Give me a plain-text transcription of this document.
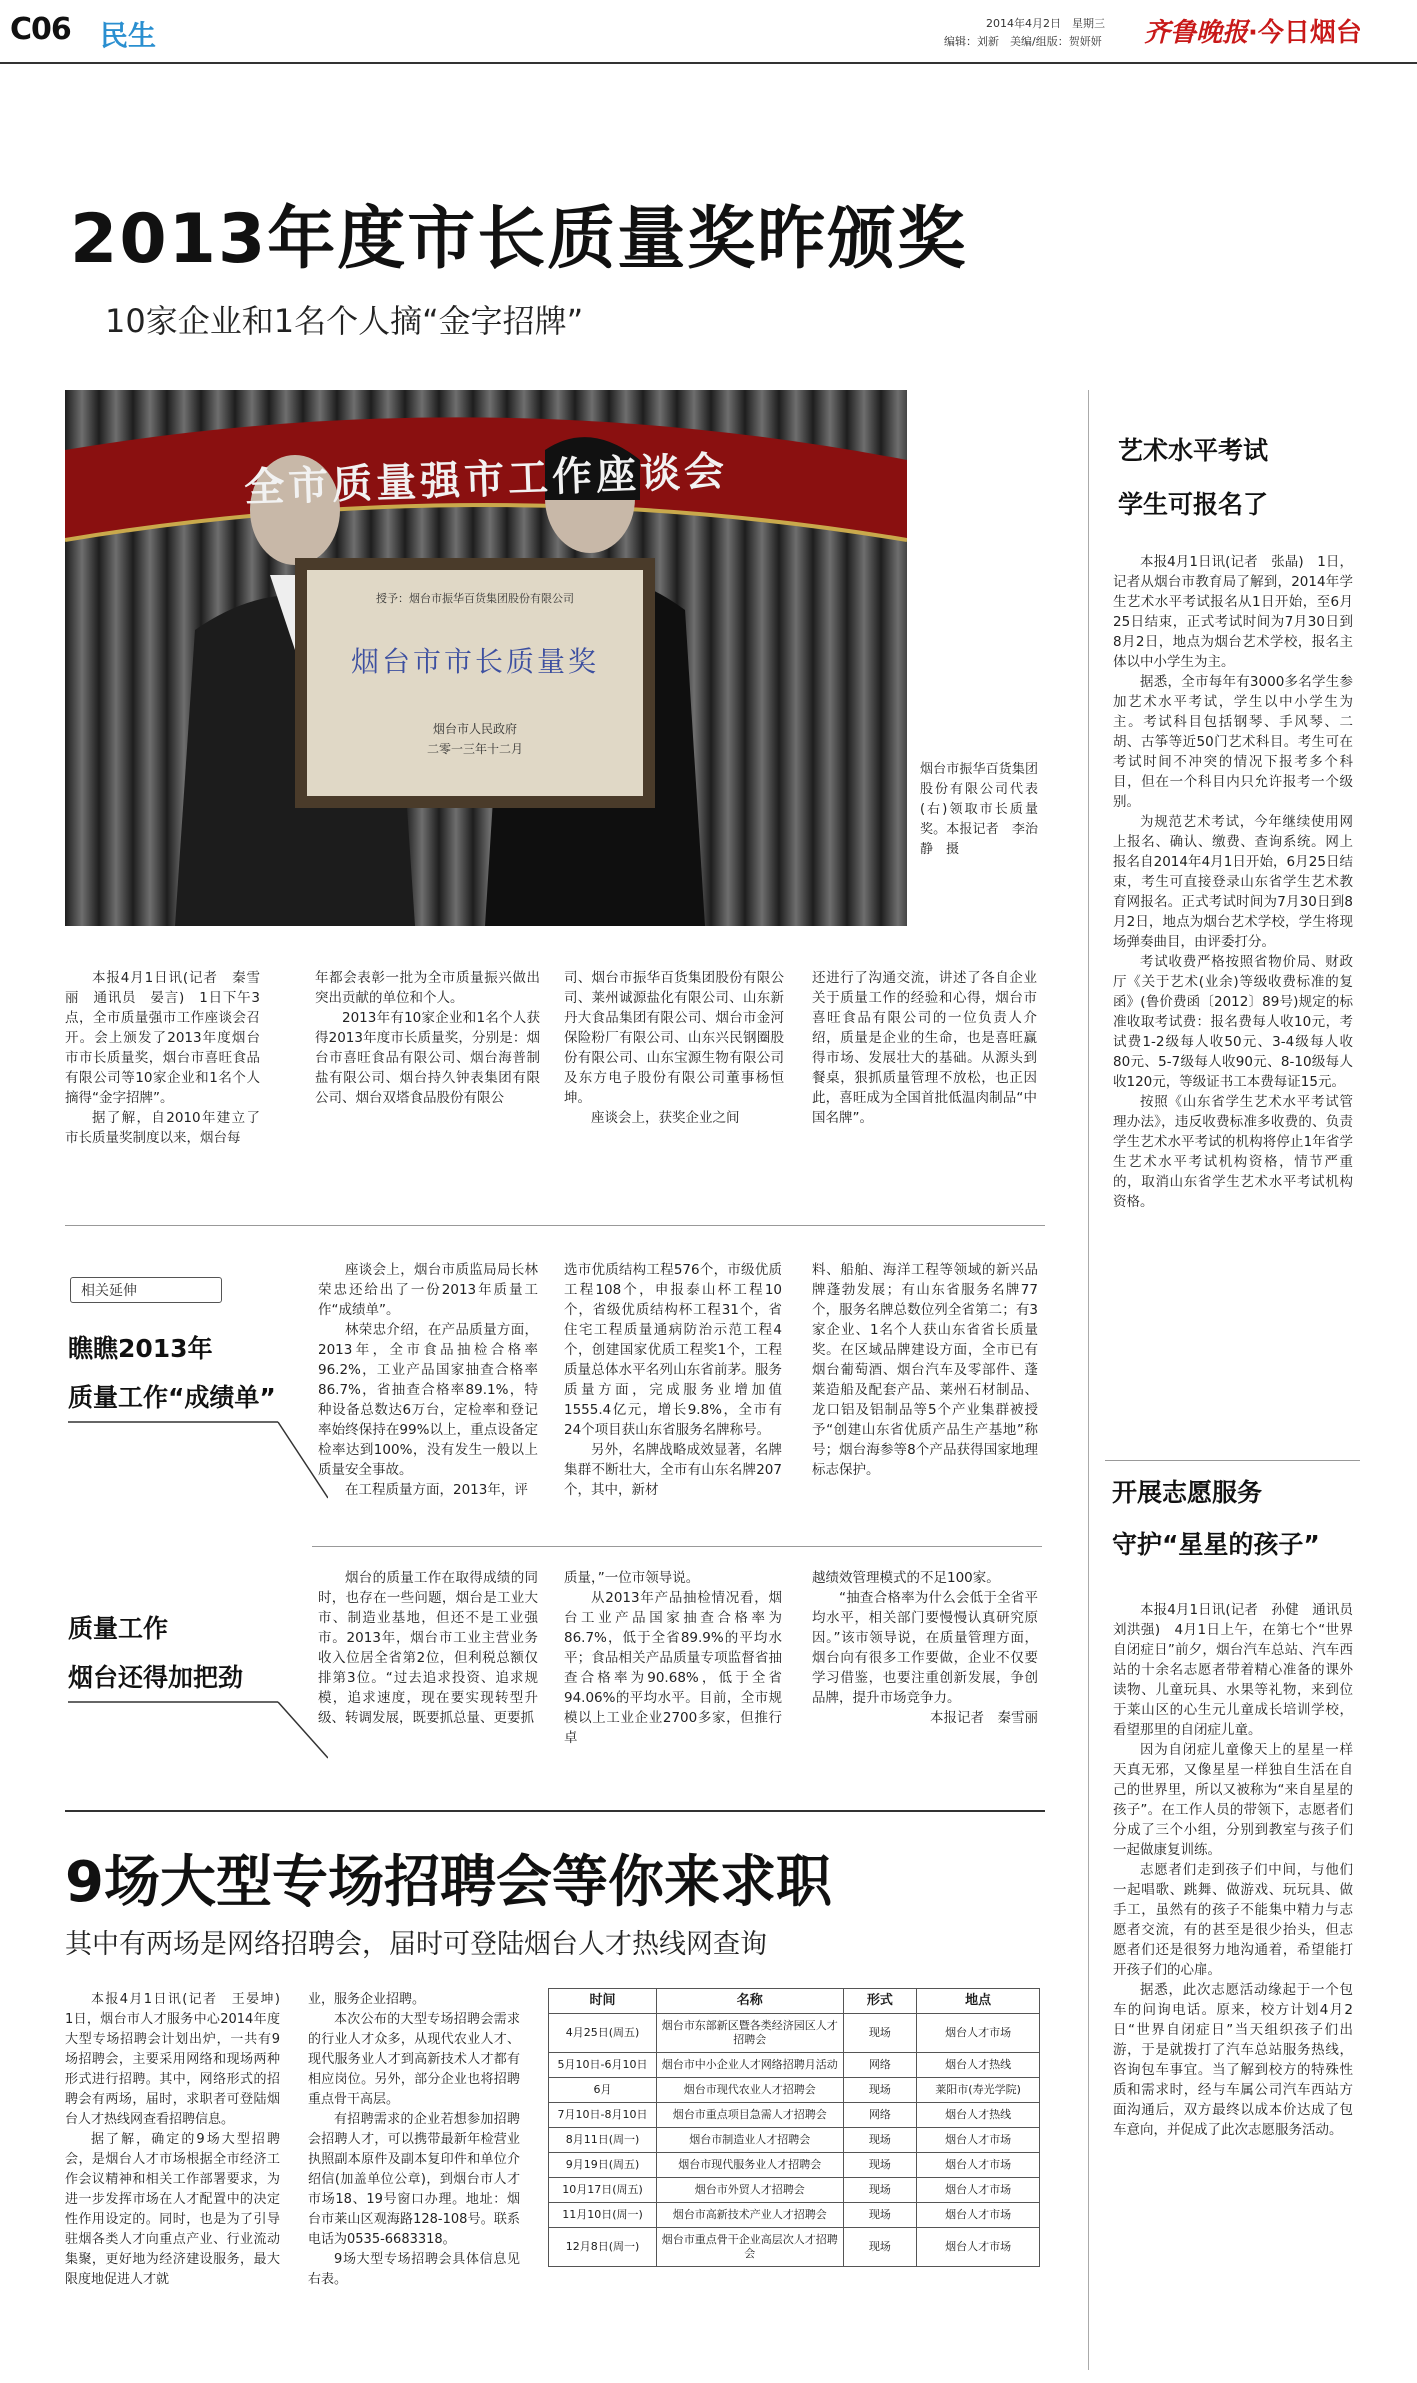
C06 民生	2014年4月2日　星期三
编辑：刘新　美编/组版：贺妍妍 齐鲁晚报·今日烟台
2013年度市长质量奖昨颁奖
10家企业和1名个人摘“金字招牌”
全市质量强市工作座谈会
授予：烟台市振华百货集团股份有限公司
烟台市市长质量奖
烟台市人民政府
二零一三年十二月
烟台市振华百货集团股份有限公司代表(右)领取市长质量奖。本报记者　李治静　摄

本报4月1日讯(记者　秦雪丽　通讯员　晏言)　1日下午3点，全市质量强市工作座谈会召开。会上颁发了2013年度烟台市市长质量奖，烟台市喜旺食品有限公司等10家企业和1名个人摘得“金字招牌”。

据了解，自2010年建立了市长质量奖制度以来，烟台每

年都会表彰一批为全市质量振兴做出突出贡献的单位和个人。

2013年有10家企业和1名个人获得2013年度市长质量奖，分别是：烟台市喜旺食品有限公司、烟台海普制盐有限公司、烟台持久钟表集团有限公司、烟台双塔食品股份有限公

司、烟台市振华百货集团股份有限公司、莱州诚源盐化有限公司、山东新丹大食品集团有限公司、烟台市金河保险粉厂有限公司、山东兴民钢圈股份有限公司、山东宝源生物有限公司及东方电子股份有限公司董事杨恒坤。

座谈会上，获奖企业之间

还进行了沟通交流，讲述了各自企业关于质量工作的经验和心得，烟台市喜旺食品有限公司的一位负责人介绍，质量是企业的生命，也是喜旺赢得市场、发展壮大的基础。从源头到餐桌，狠抓质量管理不放松，也正因此，喜旺成为全国首批低温肉制品“中国名牌”。

相关延伸
瞧瞧2013年
质量工作“成绩单”

座谈会上，烟台市质监局局长林荣忠还给出了一份2013年质量工作“成绩单”。

林荣忠介绍，在产品质量方面，2013年，全市食品抽检合格率96.2%，工业产品国家抽查合格率86.7%，省抽查合格率89.1%，特种设备总数达6万台，定检率和登记率始终保持在99%以上，重点设备定检率达到100%，没有发生一般以上质量安全事故。

在工程质量方面，2013年，评

选市优质结构工程576个，市级优质工程108个，申报泰山杯工程10个，省级优质结构杯工程31个，省住宅工程质量通病防治示范工程4个，创建国家优质工程奖1个，工程质量总体水平名列山东省前茅。服务质量方面，完成服务业增加值1555.4亿元，增长9.8%，全市有24个项目获山东省服务名牌称号。

另外，名牌战略成效显著，名牌集群不断壮大，全市有山东名牌207个，其中，新材

料、船舶、海洋工程等领域的新兴品牌蓬勃发展；有山东省服务名牌77个，服务名牌总数位列全省第二；有3家企业、1名个人获山东省省长质量奖。在区域品牌建设方面，全市已有烟台葡萄酒、烟台汽车及零部件、蓬莱造船及配套产品、莱州石材制品、龙口铝及铝制品等5个产业集群被授予“创建山东省优质产品生产基地”称号；烟台海参等8个产品获得国家地理标志保护。

质量工作
烟台还得加把劲

烟台的质量工作在取得成绩的同时，也存在一些问题，烟台是工业大市、制造业基地，但还不是工业强市。2013年，烟台市工业主营业务收入位居全省第2位，但利税总额仅排第3位。“过去追求投资、追求规模，追求速度，现在要实现转型升级、转调发展，既要抓总量、更要抓

质量，”一位市领导说。

从2013年产品抽检情况看，烟台工业产品国家抽查合格率为86.7%，低于全省89.9%的平均水平；食品相关产品质量专项监督省抽查合格率为90.68%，低于全省94.06%的平均水平。目前，全市规模以上工业企业2700多家，但推行卓

越绩效管理模式的不足100家。

“抽查合格率为什么会低于全省平均水平，相关部门要慢慢认真研究原因。”该市领导说，在质量管理方面，烟台向有很多工作要做，企业不仅要学习借鉴，也要注重创新发展，争创品牌，提升市场竞争力。

本报记者　秦雪丽

9场大型专场招聘会等你来求职
其中有两场是网络招聘会，届时可登陆烟台人才热线网查询

本报4月1日讯(记者　王晏坤)　1日，烟台市人才服务中心2014年度大型专场招聘会计划出炉，一共有9场招聘会，主要采用网络和现场两种形式进行招聘。其中，网络形式的招聘会有两场，届时，求职者可登陆烟台人才热线网查看招聘信息。

据了解，确定的9场大型招聘会，是烟台人才市场根据全市经济工作会议精神和相关工作部署要求，为进一步发挥市场在人才配置中的决定性作用设定的。同时，也是为了引导驻烟各类人才向重点产业、行业流动集聚，更好地为经济建设服务，最大限度地促进人才就

业，服务企业招聘。

本次公布的大型专场招聘会需求的行业人才众多，从现代农业人才、现代服务业人才到高新技术人才都有相应岗位。另外，部分企业也将招聘重点骨干高层。

有招聘需求的企业若想参加招聘会招聘人才，可以携带最新年检营业执照副本原件及副本复印件和单位介绍信(加盖单位公章)，到烟台市人才市场18、19号窗口办理。地址：烟台市莱山区观海路128-108号。联系电话为0535-6683318。

9场大型专场招聘会具体信息见右表。

时间	名称	形式	地点
4月25日(周五)	烟台市东部新区暨各类经济园区人才招聘会	现场	烟台人才市场
5月10日-6月10日	烟台市中小企业人才网络招聘月活动	网络	烟台人才热线
6月	烟台市现代农业人才招聘会	现场	莱阳市(寿光学院)
7月10日-8月10日	烟台市重点项目急需人才招聘会	网络	烟台人才热线
8月11日(周一)	烟台市制造业人才招聘会	现场	烟台人才市场
9月19日(周五)	烟台市现代服务业人才招聘会	现场	烟台人才市场
10月17日(周五)	烟台市外贸人才招聘会	现场	烟台人才市场
11月10日(周一)	烟台市高新技术产业人才招聘会	现场	烟台人才市场
12月8日(周一)	烟台市重点骨干企业高层次人才招聘会	现场	烟台人才市场
艺术水平考试
学生可报名了

本报4月1日讯(记者　张晶)　1日，记者从烟台市教育局了解到，2014年学生艺术水平考试报名从1日开始，至6月25日结束，正式考试时间为7月30日到8月2日，地点为烟台艺术学校，报名主体以中小学生为主。

据悉，全市每年有3000多名学生参加艺术水平考试，学生以中小学生为主。考试科目包括钢琴、手风琴、二胡、古筝等近50门艺术科目。考生可在考试时间不冲突的情况下报考多个科目，但在一个科目内只允许报考一个级别。

为规范艺术考试，今年继续使用网上报名、确认、缴费、查询系统。网上报名自2014年4月1日开始，6月25日结束，考生可直接登录山东省学生艺术教育网报名。正式考试时间为7月30日到8月2日，地点为烟台艺术学校，学生将现场弹奏曲目，由评委打分。

考试收费严格按照省物价局、财政厅《关于艺术(业余)等级收费标准的复函》(鲁价费函〔2012〕89号)规定的标准收取考试费：报名费每人收10元，考试费1-2级每人收50元、3-4级每人收80元、5-7级每人收90元、8-10级每人收120元，等级证书工本费每证15元。

按照《山东省学生艺术水平考试管理办法》，违反收费标准多收费的、负责学生艺术水平考试的机构将停止1年省学生艺术水平考试机构资格，情节严重的，取消山东省学生艺术水平考试机构资格。

开展志愿服务
守护“星星的孩子”

本报4月1日讯(记者　孙健　通讯员　刘洪强)　4月1日上午，在第七个“世界自闭症日”前夕，烟台汽车总站、汽车西站的十余名志愿者带着精心准备的课外读物、儿童玩具、水果等礼物，来到位于莱山区的心生元儿童成长培训学校，看望那里的自闭症儿童。

因为自闭症儿童像天上的星星一样天真无邪，又像星星一样独自生活在自己的世界里，所以又被称为“来自星星的孩子”。在工作人员的带领下，志愿者们分成了三个小组，分别到教室与孩子们一起做康复训练。

志愿者们走到孩子们中间，与他们一起唱歌、跳舞、做游戏、玩玩具、做手工，虽然有的孩子不能集中精力与志愿者交流，有的甚至是很少抬头，但志愿者们还是很努力地沟通着，希望能打开孩子们的心扉。

据悉，此次志愿活动缘起于一个包车的问询电话。原来，校方计划4月2日“世界自闭症日”当天组织孩子们出游，于是就拨打了汽车总站服务热线，咨询包车事宜。当了解到校方的特殊性质和需求时，经与车属公司汽车西站方面沟通后，双方最终以成本价达成了包车意向，并促成了此次志愿服务活动。
